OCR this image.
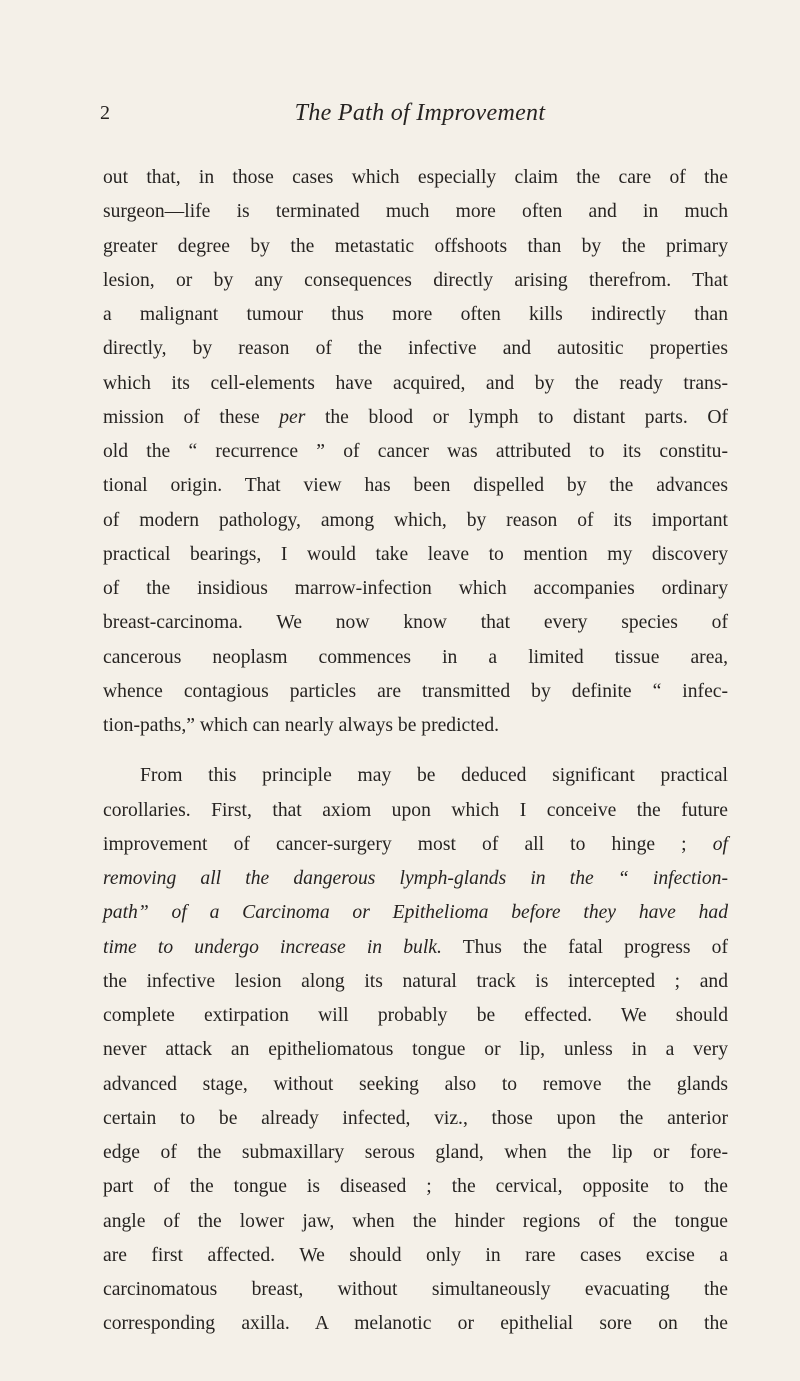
2	The Path of Improvement
out that, in those cases which especially claim the care of the
surgeon—life is terminated much more often and in much
greater degree by the metastatic offshoots than by the primary
lesion, or by any consequences directly arising therefrom. That
a malignant tumour thus more often kills indirectly than
directly, by reason of the infective and autositic properties
which its cell-elements have acquired, and by the ready trans-
mission of these per the blood or lymph to distant parts. Of
old the “ recurrence ” of cancer was attributed to its constitu-
tional origin. That view has been dispelled by the advances
of modern pathology, among which, by reason of its important
practical bearings, I would take leave to mention my discovery
of the insidious marrow-infection which accompanies ordinary
breast-carcinoma. We now know that every species of
cancerous neoplasm commences in a limited tissue area,
whence contagious particles are transmitted by definite “ infec-
tion-paths,” which can nearly always be predicted.
From this principle may be deduced significant practical
corollaries. First, that axiom upon which I conceive the future
improvement of cancer-surgery most of all to hinge ; of
removing all the dangerous lymph-glands in the “ infection-
path” of a Carcinoma or Epithelioma before they have had
time to undergo increase in bulk. Thus the fatal progress of
the infective lesion along its natural track is intercepted ; and
complete extirpation will probably be effected. We should
never attack an epitheliomatous tongue or lip, unless in a very
advanced stage, without seeking also to remove the glands
certain to be already infected, viz., those upon the anterior
edge of the submaxillary serous gland, when the lip or fore-
part of the tongue is diseased ; the cervical, opposite to the
angle of the lower jaw, when the hinder regions of the tongue
are first affected. We should only in rare cases excise a
carcinomatous breast, without simultaneously evacuating the
corresponding axilla. A melanotic or epithelial sore on the
